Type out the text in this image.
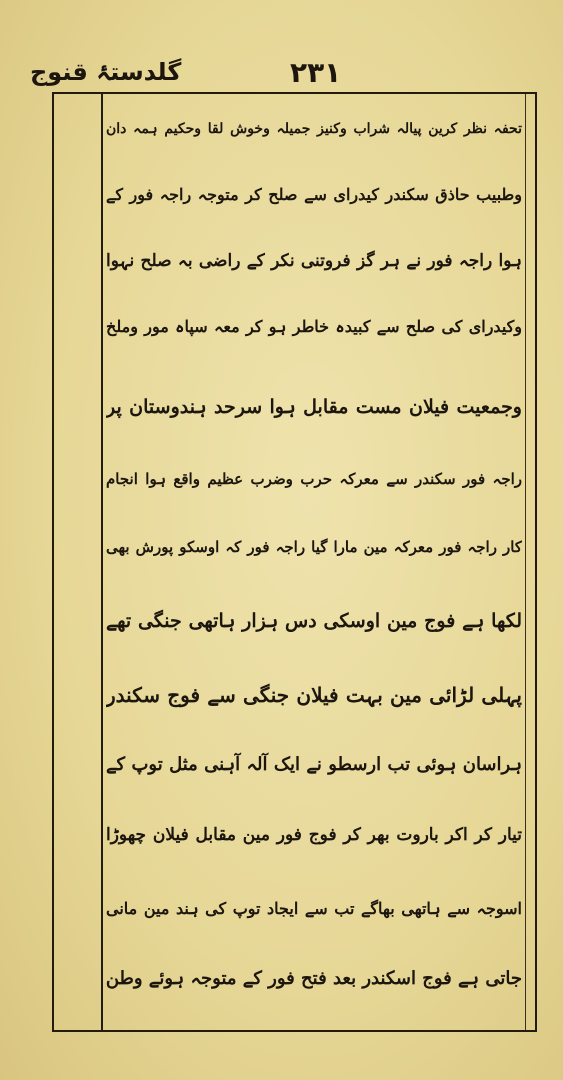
گلدستۂ قنوج	۲۳۱
تحفہ نظر کرین پیالہ شراب وکنیز جمیلہ وخوش لقا وحکیم ہمہ دان
وطبیب حاذق سکندر کیدرای سے صلح کر متوجہ راجہ فور کے
ہوا راجہ فور نے ہر گز فروتنی نکر کے راضی بہ صلح نہوا
وکیدرای کی صلح سے کبیدہ خاطر ہو کر معہ سپاہ مور وملخ
وجمعیت فیلان مست مقابل ہوا سرحد ہندوستان پر
راجہ فور سکندر سے معرکہ حرب وضرب عظیم واقع ہوا انجام
کار راجہ فور معرکہ مین مارا گیا راجہ فور کہ اوسکو پورش بھی
لکھا ہے فوج مین اوسکی دس ہزار ہاتھی جنگی تھے
پہلی لڑائی مین بہت فیلان جنگی سے فوج سکندر
ہراسان ہوئی تب ارسطو نے ایک آلہ آہنی مثل توپ کے
تیار کر اکر باروت بھر کر فوج فور مین مقابل فیلان چھوڑا
اسوجہ سے ہاتھی بھاگے تب سے ایجاد توپ کی ہند مین مانی
جاتی ہے فوج اسکندر بعد فتح فور کے متوجہ ہوئے وطن
